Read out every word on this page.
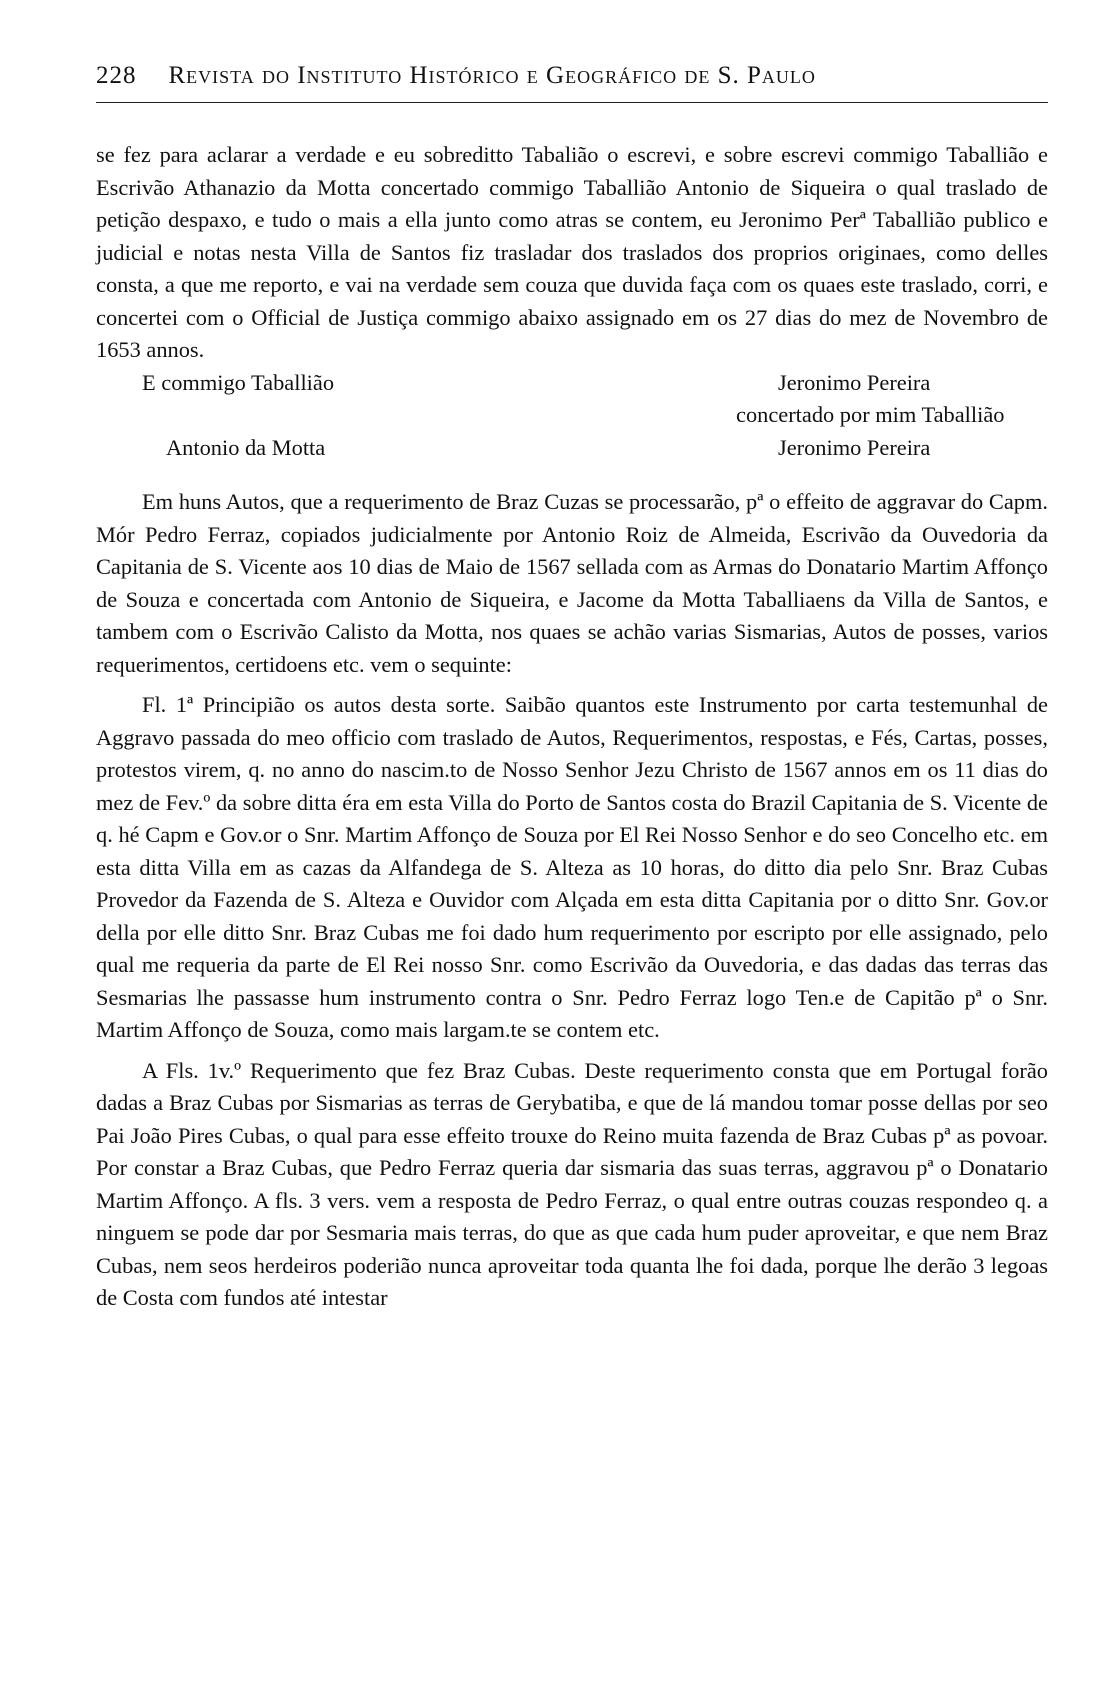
228 Revista do Instituto Histórico e Geográfico de S. Paulo

se fez para aclarar a verdade e eu sobreditto Tabalião o escrevi, e sobre escrevi commigo Taballião e Escrivão Athanazio da Motta concertado commigo Taballião Antonio de Siqueira o qual traslado de petição despaxo, e tudo o mais a ella junto como atras se contem, eu Jeronimo Perª Taballião publico e judicial e notas nesta Villa de Santos fiz trasladar dos traslados dos proprios originaes, como delles consta, a que me reporto, e vai na verdade sem couza que duvida faça com os quaes este traslado, corri, e concertei com o Official de Justiça commigo abaixo assignado em os 27 dias do mez de Novembro de 1653 annos.

E commigo Taballião	Jeronimo Pereira
concertado por mim Taballião
Antonio da Motta	Jeronimo Pereira

Em huns Autos, que a requerimento de Braz Cuzas se processarão, pª o effeito de aggravar do Capm. Mór Pedro Ferraz, copiados judicialmente por Antonio Roiz de Almeida, Escrivão da Ouvedoria da Capitania de S. Vicente aos 10 dias de Maio de 1567 sellada com as Armas do Donatario Martim Affonço de Souza e concertada com Antonio de Siqueira, e Jacome da Motta Taballiaens da Villa de Santos, e tambem com o Escrivão Calisto da Motta, nos quaes se achão varias Sismarias, Autos de posses, varios requerimentos, certidoens etc. vem o sequinte:

Fl. 1ª Principião os autos desta sorte. Saibão quantos este Instrumento por carta testemunhal de Aggravo passada do meo officio com traslado de Autos, Requerimentos, respostas, e Fés, Cartas, posses, protestos virem, q. no anno do nascim.to de Nosso Senhor Jezu Christo de 1567 annos em os 11 dias do mez de Fev.º da sobre ditta éra em esta Villa do Porto de Santos costa do Brazil Capitania de S. Vicente de q. hé Capm e Gov.or o Snr. Martim Affonço de Souza por El Rei Nosso Senhor e do seo Concelho etc. em esta ditta Villa em as cazas da Alfandega de S. Alteza as 10 horas, do ditto dia pelo Snr. Braz Cubas Provedor da Fazenda de S. Alteza e Ouvidor com Alçada em esta ditta Capitania por o ditto Snr. Gov.or della por elle ditto Snr. Braz Cubas me foi dado hum requerimento por escripto por elle assignado, pelo qual me requeria da parte de El Rei nosso Snr. como Escrivão da Ouvedoria, e das dadas das terras das Sesmarias lhe passasse hum instrumento contra o Snr. Pedro Ferraz logo Ten.e de Capitão pª o Snr. Martim Affonço de Souza, como mais largam.te se contem etc.

A Fls. 1v.º Requerimento que fez Braz Cubas. Deste requerimento consta que em Portugal forão dadas a Braz Cubas por Sismarias as terras de Gerybatiba, e que de lá mandou tomar posse dellas por seo Pai João Pires Cubas, o qual para esse effeito trouxe do Reino muita fazenda de Braz Cubas pª as povoar. Por constar a Braz Cubas, que Pedro Ferraz queria dar sismaria das suas terras, aggravou pª o Donatario Martim Affonço. A fls. 3 vers. vem a resposta de Pedro Ferraz, o qual entre outras couzas respondeo q. a ninguem se pode dar por Sesmaria mais terras, do que as que cada hum puder aproveitar, e que nem Braz Cubas, nem seos herdeiros poderião nunca aproveitar toda quanta lhe foi dada, porque lhe derão 3 legoas de Costa com fundos até intestar
